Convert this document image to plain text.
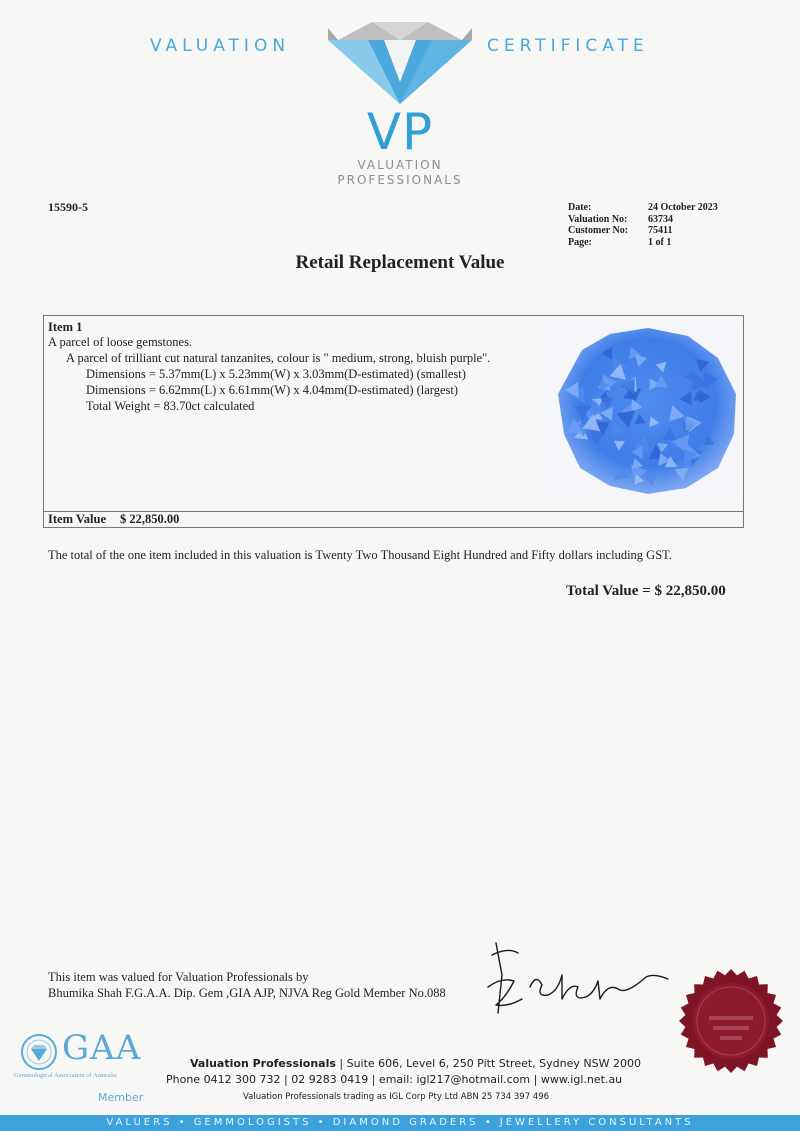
VALUATION	CERTIFICATE
VP
VALUATION
PROFESSIONALS
15590-5	Date:
Valuation No:
Customer No:
Page:
24 October 2023
63734
75411
1 of 1
Retail Replacement Value
Item 1
A parcel of loose gemstones.
A parcel of trilliant cut natural tanzanites, colour is " medium, strong, bluish purple".
Dimensions = 5.37mm(L) x 5.23mm(W) x 3.03mm(D-estimated) (smallest)
Dimensions = 6.62mm(L) x 6.61mm(W) x 4.04mm(D-estimated) (largest)
Total Weight = 83.70ct calculated
Item Value $ 22,850.00
The total of the one item included in this valuation is Twenty Two Thousand Eight Hundred and Fifty dollars including GST.
Total Value = $ 22,850.00
This item was valued for Valuation Professionals by
Bhumika Shah F.G.A.A. Dip. Gem ,GIA AJP, NJVA Reg Gold Member No.088
GAA
Gemmological Association of Australia
Member
Valuation Professionals | Suite 606, Level 6, 250 Pitt Street, Sydney NSW 2000
Phone 0412 300 732 | 02 9283 0419 | email: igl217@hotmail.com | www.igl.net.au
Valuation Professionals trading as IGL Corp Pty Ltd ABN 25 734 397 496
VALUERS • GEMMOLOGISTS • DIAMOND GRADERS • JEWELLERY CONSULTANTS
